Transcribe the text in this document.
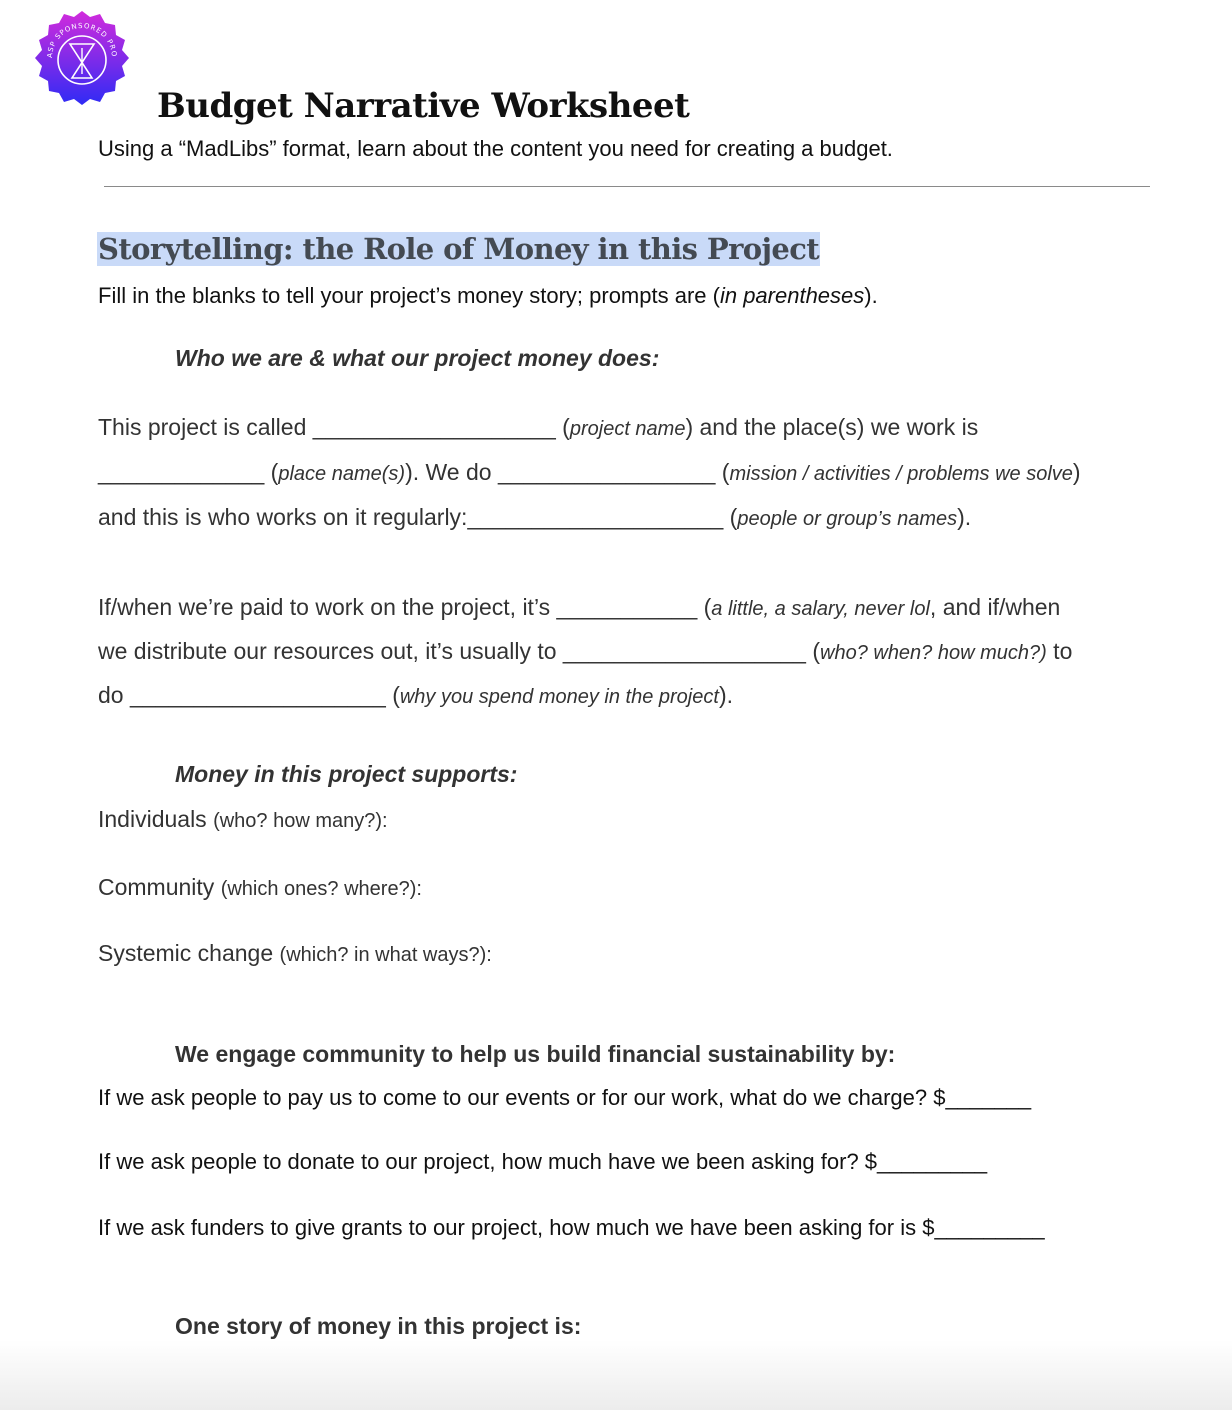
ASP SPONSORED PRO
Budget Narrative Worksheet
Using a “MadLibs” format, learn about the content you need for creating a budget.
Storytelling: the Role of Money in this Project
Fill in the blanks to tell your project’s money story; prompts are (in parentheses).
Who we are & what our project money does:
This project is called ___________________ (project name) and the place(s) we work is
_____________ (place name(s)). We do _________________ (mission / activities / problems we solve)
and this is who works on it regularly:____________________ (people or group’s names).
If/when we’re paid to work on the project, it’s ___________ (a little, a salary, never lol, and if/when
we distribute our resources out, it’s usually to ___________________ (who? when? how much?) to
do ____________________ (why you spend money in the project).
Money in this project supports:
Individuals (who? how many?):
Community (which ones? where?):
Systemic change (which? in what ways?):
We engage community to help us build financial sustainability by:
If we ask people to pay us to come to our events or for our work, what do we charge? $_______
If we ask people to donate to our project, how much have we been asking for? $_________
If we ask funders to give grants to our project, how much we have been asking for is $_________
One story of money in this project is:
